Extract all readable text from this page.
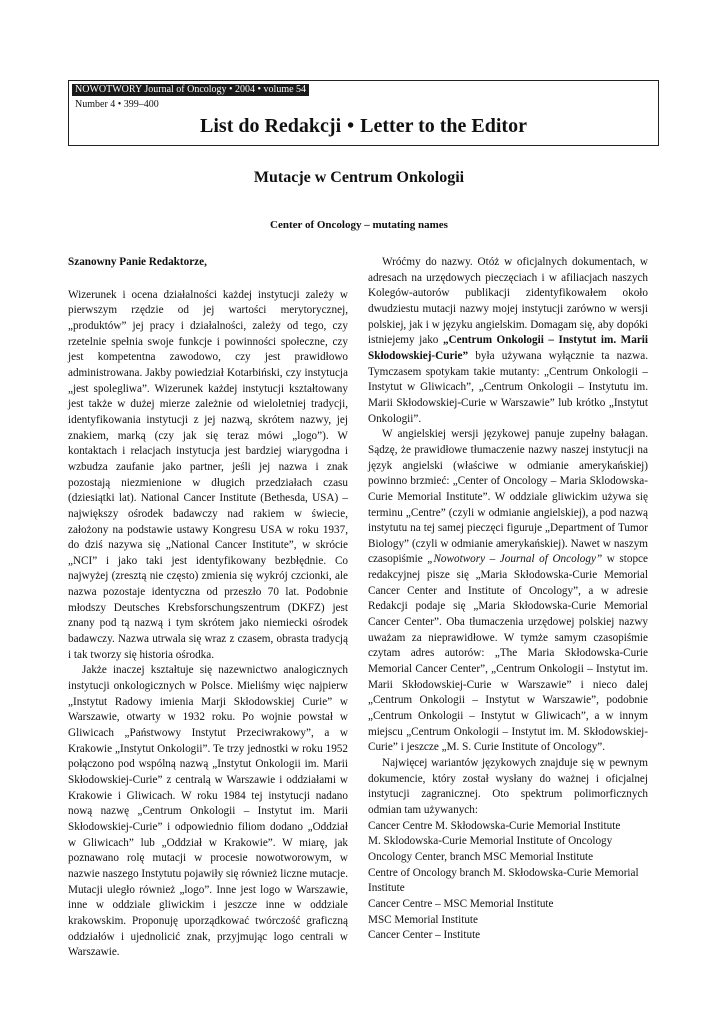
NOWOTWORY Journal of Oncology • 2004 • volume 54
Number 4 • 399–400
List do Redakcji • Letter to the Editor
Mutacje w Centrum Onkologii
Center of Oncology – mutating names

Szanowny Panie Redaktorze,

Wizerunek i ocena działalności każdej instytucji zależy w pierwszym rzędzie od jej wartości merytorycznej, „produktów” jej pracy i działalności, zależy od tego, czy rzetelnie spełnia swoje funkcje i powinności społeczne, czy jest kompetentna zawodowo, czy jest prawidłowo administrowana. Jakby powiedział Kotarbiński, czy instytucja „jest spolegliwa”. Wizerunek każdej instytucji kształtowany jest także w dużej mierze zależnie od wieloletniej tradycji, identyfikowania instytucji z jej nazwą, skrótem nazwy, jej znakiem, marką (czy jak się teraz mówi „logo”). W kontaktach i relacjach instytucja jest bardziej wiarygodna i wzbudza zaufanie jako partner, jeśli jej nazwa i znak pozostają niezmienione w długich przedziałach czasu (dziesiątki lat). National Cancer Institute (Bethesda, USA) – największy ośrodek badawczy nad rakiem w świecie, założony na podstawie ustawy Kongresu USA w roku 1937, do dziś nazywa się „National Cancer Institute”, w skrócie „NCI” i jako taki jest identyfikowany bezbłędnie. Co najwyżej (zresztą nie często) zmienia się wykrój czcionki, ale nazwa pozostaje identyczna od przeszło 70 lat. Podobnie młodszy Deutsches Krebsforschungszentrum (DKFZ) jest znany pod tą nazwą i tym skrótem jako niemiecki ośrodek badawczy. Nazwa utrwala się wraz z czasem, obrasta tradycją i tak tworzy się historia ośrodka.

Jakże inaczej kształtuje się nazewnictwo analogicznych instytucji onkologicznych w Polsce. Mieliśmy więc najpierw „Instytut Radowy imienia Marji Skłodowskiej Curie” w Warszawie, otwarty w 1932 roku. Po wojnie powstał w Gliwicach „Państwowy Instytut Przeciwrakowy”, a w Krakowie „Instytut Onkologii”. Te trzy jednostki w roku 1952 połączono pod wspólną nazwą „Instytut Onkologii im. Marii Skłodowskiej-Curie” z centralą w Warszawie i oddziałami w Krakowie i Gliwicach. W roku 1984 tej instytucji nadano nową nazwę „Centrum Onkologii – Instytut im. Marii Skłodowskiej-Curie” i odpowiednio filiom dodano „Oddział w Gliwicach” lub „Oddział w Krakowie”. W miarę, jak poznawano rolę mutacji w procesie nowotworowym, w nazwie naszego Instytutu pojawiły się również liczne mutacje. Mutacji uległo również „logo”. Inne jest logo w Warszawie, inne w oddziale gliwickim i jeszcze inne w oddziale krakowskim. Proponuję uporządkować twórczość graficzną oddziałów i ujednolicić znak, przyjmując logo centrali w Warszawie.

Wróćmy do nazwy. Otóż w oficjalnych dokumentach, w adresach na urzędowych pieczęciach i w afiliacjach naszych Kolegów-autorów publikacji zidentyfikowałem około dwudziestu mutacji nazwy mojej instytucji zarówno w wersji polskiej, jak i w języku angielskim. Domagam się, aby dopóki istniejemy jako „Centrum Onkologii – Instytut im. Marii Skłodowskiej-Curie” była używana wyłącznie ta nazwa. Tymczasem spotykam takie mutanty: „Centrum Onkologii – Instytut w Gliwicach”, „Centrum Onkologii – Instytutu im. Marii Skłodowskiej-Curie w Warszawie” lub krótko „Instytut Onkologii”.

W angielskiej wersji językowej panuje zupełny bałagan. Sądzę, że prawidłowe tłumaczenie nazwy naszej instytucji na język angielski (właściwe w odmianie amerykańskiej) powinno brzmieć: „Center of Oncology – Maria Sklodowska-Curie Memorial Institute”. W oddziale gliwickim używa się terminu „Centre” (czyli w odmianie angielskiej), a pod nazwą instytutu na tej samej pieczęci figuruje „Department of Tumor Biology” (czyli w odmianie amerykańskiej). Nawet w naszym czasopiśmie „Nowotwory – Journal of Oncology” w stopce redakcyjnej pisze się „Maria Skłodowska-Curie Memorial Cancer Center and Institute of Oncology”, a w adresie Redakcji podaje się „Maria Skłodowska-Curie Memorial Cancer Center”. Oba tłumaczenia urzędowej polskiej nazwy uważam za nieprawidłowe. W tymże samym czasopiśmie czytam adres autorów: „The Maria Skłodowska-Curie Memorial Cancer Center”, „Centrum Onkologii – Instytut im. Marii Skłodowskiej-Curie w Warszawie” i nieco dalej „Centrum Onkologii – Instytut w Warszawie”, podobnie „Centrum Onkologii – Instytut w Gliwicach”, a w innym miejscu „Centrum Onkologii – Instytut im. M. Skłodowskiej-Curie” i jeszcze „M. S. Curie Institute of Oncology”.

Najwięcej wariantów językowych znajduje się w pewnym dokumencie, który został wysłany do ważnej i oficjalnej instytucji zagranicznej. Oto spektrum polimorficznych odmian tam używanych:

Cancer Centre M. Skłodowska-Curie Memorial Institute
M. Sklodowska-Curie Memorial Institute of Oncology
Oncology Center, branch MSC Memorial Institute
Centre of Oncology branch M. Skłodowska-Curie Memorial Institute
Cancer Centre – MSC Memorial Institute
MSC Memorial Institute
Cancer Center – Institute
